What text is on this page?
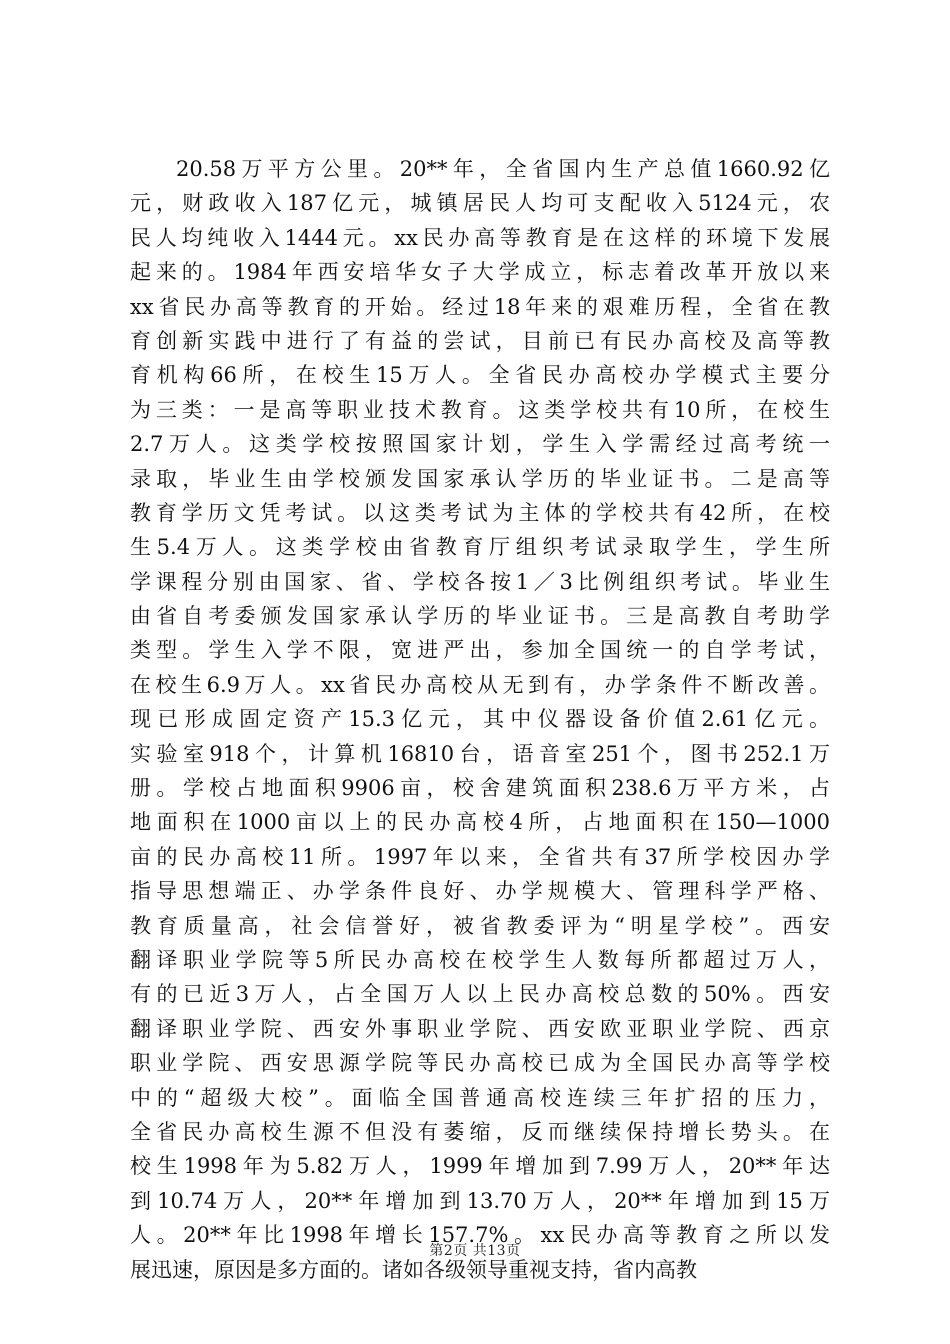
20.58万平方公里。20**年，全省国内生产总值1660.92亿
元，财政收入187亿元，城镇居民人均可支配收入5124元，农
民人均纯收入1444元。xx民办高等教育是在这样的环境下发展
起来的。1984年西安培华女子大学成立，标志着改革开放以来
xx省民办高等教育的开始。经过18年来的艰难历程，全省在教
育创新实践中进行了有益的尝试，目前已有民办高校及高等教
育机构66所，在校生15万人。全省民办高校办学模式主要分
为三类：一是高等职业技术教育。这类学校共有10所，在校生
2.7万人。这类学校按照国家计划，学生入学需经过高考统一
录取，毕业生由学校颁发国家承认学历的毕业证书。二是高等
教育学历文凭考试。以这类考试为主体的学校共有42所，在校
生5.4万人。这类学校由省教育厅组织考试录取学生，学生所
学课程分别由国家、省、学校各按1／3比例组织考试。毕业生
由省自考委颁发国家承认学历的毕业证书。三是高教自考助学
类型。学生入学不限，宽进严出，参加全国统一的自学考试，
在校生6.9万人。xx省民办高校从无到有，办学条件不断改善。
现已形成固定资产15.3亿元，其中仪器设备价值2.61亿元。
实验室918个，计算机16810台，语音室251个，图书252.1万
册。学校占地面积9906亩，校舍建筑面积238.6万平方米，占
地面积在1000亩以上的民办高校4所，占地面积在150—1000
亩的民办高校11所。1997年以来，全省共有37所学校因办学
指导思想端正、办学条件良好、办学规模大、管理科学严格、
教育质量高，社会信誉好，被省教委评为“明星学校”。西安
翻译职业学院等5所民办高校在校学生人数每所都超过万人，
有的已近3万人，占全国万人以上民办高校总数的50%。西安
翻译职业学院、西安外事职业学院、西安欧亚职业学院、西京
职业学院、西安思源学院等民办高校已成为全国民办高等学校
中的“超级大校”。面临全国普通高校连续三年扩招的压力，
全省民办高校生源不但没有萎缩，反而继续保持增长势头。在
校生1998年为5.82万人，1999年增加到7.99万人，20**年达
到10.74万人，20**年增加到13.70万人，20**年增加到15万
人。20**年比1998年增长157.7%。xx民办高等教育之所以发
展迅速，原因是多方面的。诸如各级领导重视支持，省内高教
第2页 共13页
